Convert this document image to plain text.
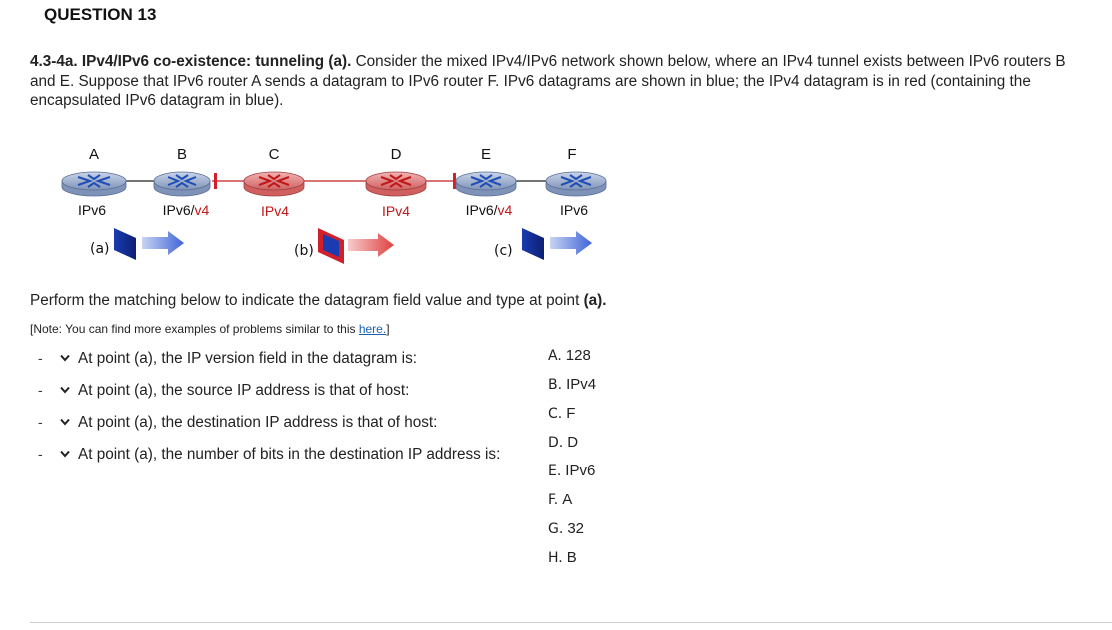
QUESTION 13
4.3-4a. IPv4/IPv6 co-existence: tunneling (a). Consider the mixed IPv4/IPv6 network shown below, where an IPv4 tunnel exists between IPv6 routers B and E. Suppose that IPv6 router A sends a datagram to IPv6 router F. IPv6 datagrams are shown in blue; the IPv4 datagram is in red (containing the encapsulated IPv6 datagram in blue).
A	B	C	D	E	F
IPv6	IPv6/v4	IPv4	IPv4	IPv6/v4	IPv6
(a)	(b)	(c)
Perform the matching below to indicate the datagram field value and type at point (a).
[Note: You can find more examples of problems similar to this here.]
- At point (a), the IP version field in the datagram is:
- At point (a), the source IP address is that of host:
- At point (a), the destination IP address is that of host:
- At point (a), the number of bits in the destination IP address is:
A. 128
B. IPv4
C. F
D. D
E. IPv6
F. A
G. 32
H. B
